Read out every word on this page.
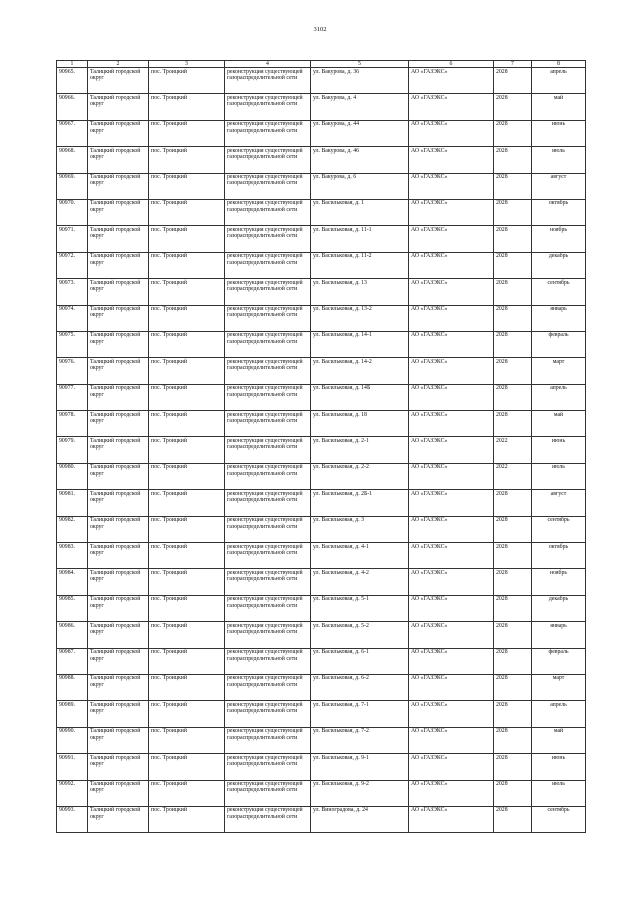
3102
1	2	3	4	5	6	7	8
90965.	Талицкий городской округ	пос. Троицкий	реконструкция существующей газораспределительной сети	ул. Вакурова, д. 36	АО «ГАЗЭКС»	2028	апрель
90966.	Талицкий городской округ	пос. Троицкий	реконструкция существующей газораспределительной сети	ул. Вакурова, д. 4	АО «ГАЗЭКС»	2028	май
90967.	Талицкий городской округ	пос. Троицкий	реконструкция существующей газораспределительной сети	ул. Вакурова, д. 44	АО «ГАЗЭКС»	2028	июнь
90968.	Талицкий городской округ	пос. Троицкий	реконструкция существующей газораспределительной сети	ул. Вакурова, д. 46	АО «ГАЗЭКС»	2028	июль
90969.	Талицкий городской округ	пос. Троицкий	реконструкция существующей газораспределительной сети	ул. Вакурова, д. 6	АО «ГАЗЭКС»	2028	август
90970.	Талицкий городской округ	пос. Троицкий	реконструкция существующей газораспределительной сети	ул. Васильковая, д. 1	АО «ГАЗЭКС»	2028	октябрь
90971.	Талицкий городской округ	пос. Троицкий	реконструкция существующей газораспределительной сети	ул. Васильковая, д. 11-1	АО «ГАЗЭКС»	2028	ноябрь
90972.	Талицкий городской округ	пос. Троицкий	реконструкция существующей газораспределительной сети	ул. Васильковая, д. 11-2	АО «ГАЗЭКС»	2028	декабрь
90973.	Талицкий городской округ	пос. Троицкий	реконструкция существующей газораспределительной сети	ул. Васильковая, д. 13	АО «ГАЗЭКС»	2028	сентябрь
90974.	Талицкий городской округ	пос. Троицкий	реконструкция существующей газораспределительной сети	ул. Васильковая, д. 13-2	АО «ГАЗЭКС»	2028	январь
90975.	Талицкий городской округ	пос. Троицкий	реконструкция существующей газораспределительной сети	ул. Васильковая, д. 14-1	АО «ГАЗЭКС»	2028	февраль
90976.	Талицкий городской округ	пос. Троицкий	реконструкция существующей газораспределительной сети	ул. Васильковая, д. 14-2	АО «ГАЗЭКС»	2028	март
90977.	Талицкий городской округ	пос. Троицкий	реконструкция существующей газораспределительной сети	ул. Васильковая, д. 14Б	АО «ГАЗЭКС»	2028	апрель
90978.	Талицкий городской округ	пос. Троицкий	реконструкция существующей газораспределительной сети	ул. Васильковая, д. 18	АО «ГАЗЭКС»	2028	май
90979.	Талицкий городской округ	пос. Троицкий	реконструкция существующей газораспределительной сети	ул. Васильковая, д. 2-1	АО «ГАЗЭКС»	2022	июнь
90980.	Талицкий городской округ	пос. Троицкий	реконструкция существующей газораспределительной сети	ул. Васильковая, д. 2-2	АО «ГАЗЭКС»	2022	июль
90981.	Талицкий городской округ	пос. Троицкий	реконструкция существующей газораспределительной сети	ул. Васильковая, д. 2Б-1	АО «ГАЗЭКС»	2028	август
90982.	Талицкий городской округ	пос. Троицкий	реконструкция существующей газораспределительной сети	ул. Васильковая, д. 3	АО «ГАЗЭКС»	2028	сентябрь
90983.	Талицкий городской округ	пос. Троицкий	реконструкция существующей газораспределительной сети	ул. Васильковая, д. 4-1	АО «ГАЗЭКС»	2028	октябрь
90984.	Талицкий городской округ	пос. Троицкий	реконструкция существующей газораспределительной сети	ул. Васильковая, д. 4-2	АО «ГАЗЭКС»	2028	ноябрь
90985.	Талицкий городской округ	пос. Троицкий	реконструкция существующей газораспределительной сети	ул. Васильковая, д. 5-1	АО «ГАЗЭКС»	2028	декабрь
90986.	Талицкий городской округ	пос. Троицкий	реконструкция существующей газораспределительной сети	ул. Васильковая, д. 5-2	АО «ГАЗЭКС»	2028	январь
90987.	Талицкий городской округ	пос. Троицкий	реконструкция существующей газораспределительной сети	ул. Васильковая, д. 6-1	АО «ГАЗЭКС»	2028	февраль
90988.	Талицкий городской округ	пос. Троицкий	реконструкция существующей газораспределительной сети	ул. Васильковая, д. 6-2	АО «ГАЗЭКС»	2028	март
90989.	Талицкий городской округ	пос. Троицкий	реконструкция существующей газораспределительной сети	ул. Васильковая, д. 7-1	АО «ГАЗЭКС»	2028	апрель
90990.	Талицкий городской округ	пос. Троицкий	реконструкция существующей газораспределительной сети	ул. Васильковая, д. 7-2	АО «ГАЗЭКС»	2028	май
90991.	Талицкий городской округ	пос. Троицкий	реконструкция существующей газораспределительной сети	ул. Васильковая, д. 9-1	АО «ГАЗЭКС»	2028	июнь
90992.	Талицкий городской округ	пос. Троицкий	реконструкция существующей газораспределительной сети	ул. Васильковая, д. 9-2	АО «ГАЗЭКС»	2028	июль
90993.	Талицкий городской округ	пос. Троицкий	реконструкция существующей газораспределительной сети	ул. Виноградова, д. 24	АО «ГАЗЭКС»	2028	сентябрь
